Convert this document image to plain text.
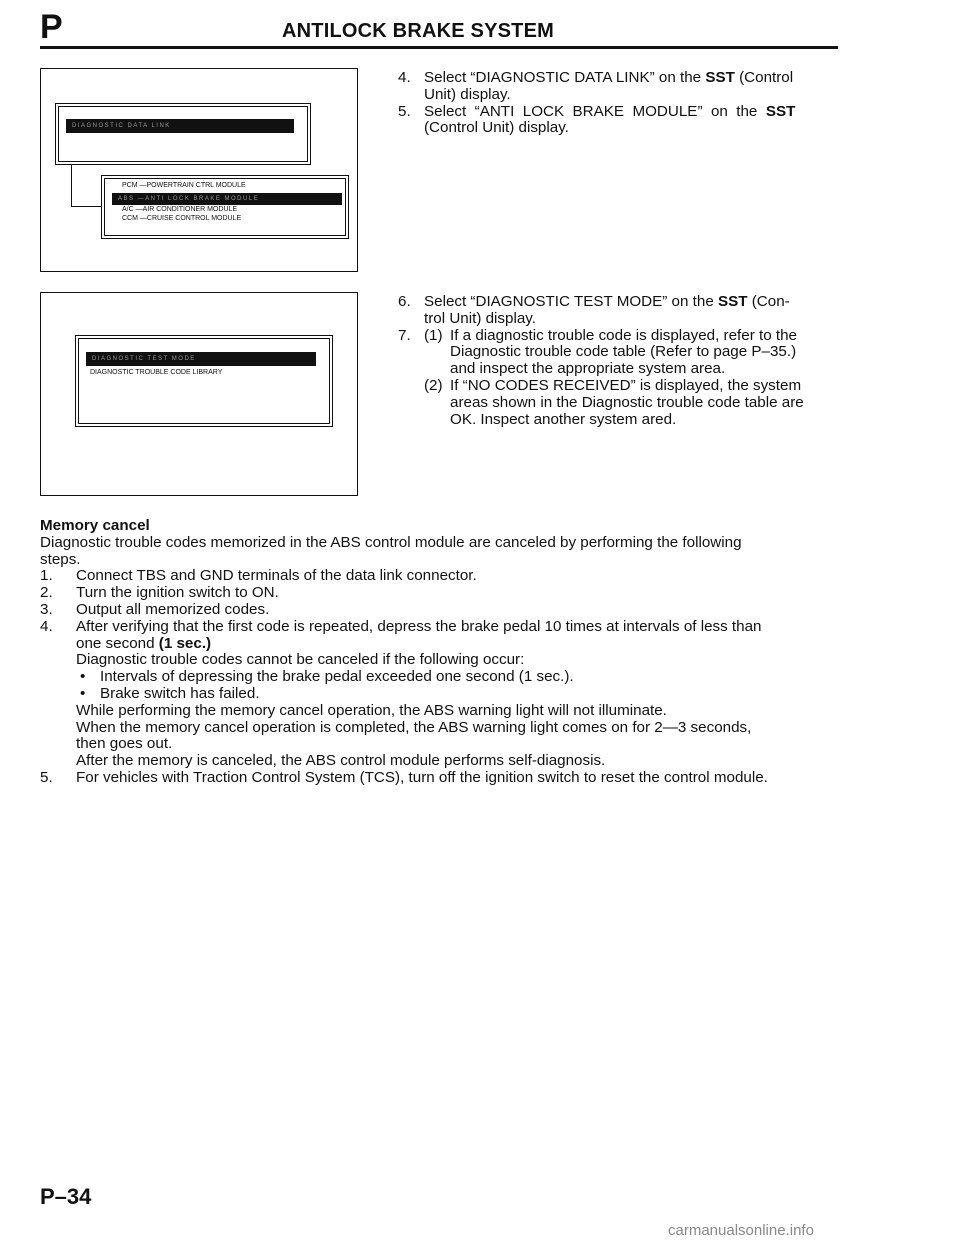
P	ANTILOCK BRAKE SYSTEM
DIAGNOSTIC DATA LINK
PCM —POWERTRAIN CTRL MODULE
ABS —ANTI LOCK BRAKE MODULE
A/C —AIR CONDITIONER MODULE
CCM —CRUISE CONTROL MODULE
DIAGNOSTIC TEST MODE
DIAGNOSTIC TROUBLE CODE LIBRARY
4. Select “DIAGNOSTIC DATA LINK” on the SST (Control
Unit) display.
5. Select  “ANTI  LOCK  BRAKE  MODULE”  on  the  SST
(Control Unit) display.
6. Select “DIAGNOSTIC TEST MODE” on the SST (Con-
trol Unit) display.
7. (1) If a diagnostic trouble code is displayed, refer to the
Diagnostic trouble code table (Refer to page P–35.)
and inspect the appropriate system area.
(2) If “NO CODES RECEIVED” is displayed, the system
areas shown in the Diagnostic trouble code table are
OK. Inspect another system ared.
Memory cancel
Diagnostic trouble codes memorized in the ABS control module are canceled by performing the following
steps.
1. Connect TBS and GND terminals of the data link connector.
2. Turn the ignition switch to ON.
3. Output all memorized codes.
4. After verifying that the first code is repeated, depress the brake pedal 10 times at intervals of less than
one second (1 sec.)
Diagnostic trouble codes cannot be canceled if the following occur:
• Intervals of depressing the brake pedal exceeded one second (1 sec.).
• Brake switch has failed.
While performing the memory cancel operation, the ABS warning light will not illuminate.
When the memory cancel operation is completed, the ABS warning light comes on for 2—3 seconds,
then goes out.
After the memory is canceled, the ABS control module performs self-diagnosis.
5. For vehicles with Traction Control System (TCS), turn off the ignition switch to reset the control module.
P–34
carmanualsonline.info
